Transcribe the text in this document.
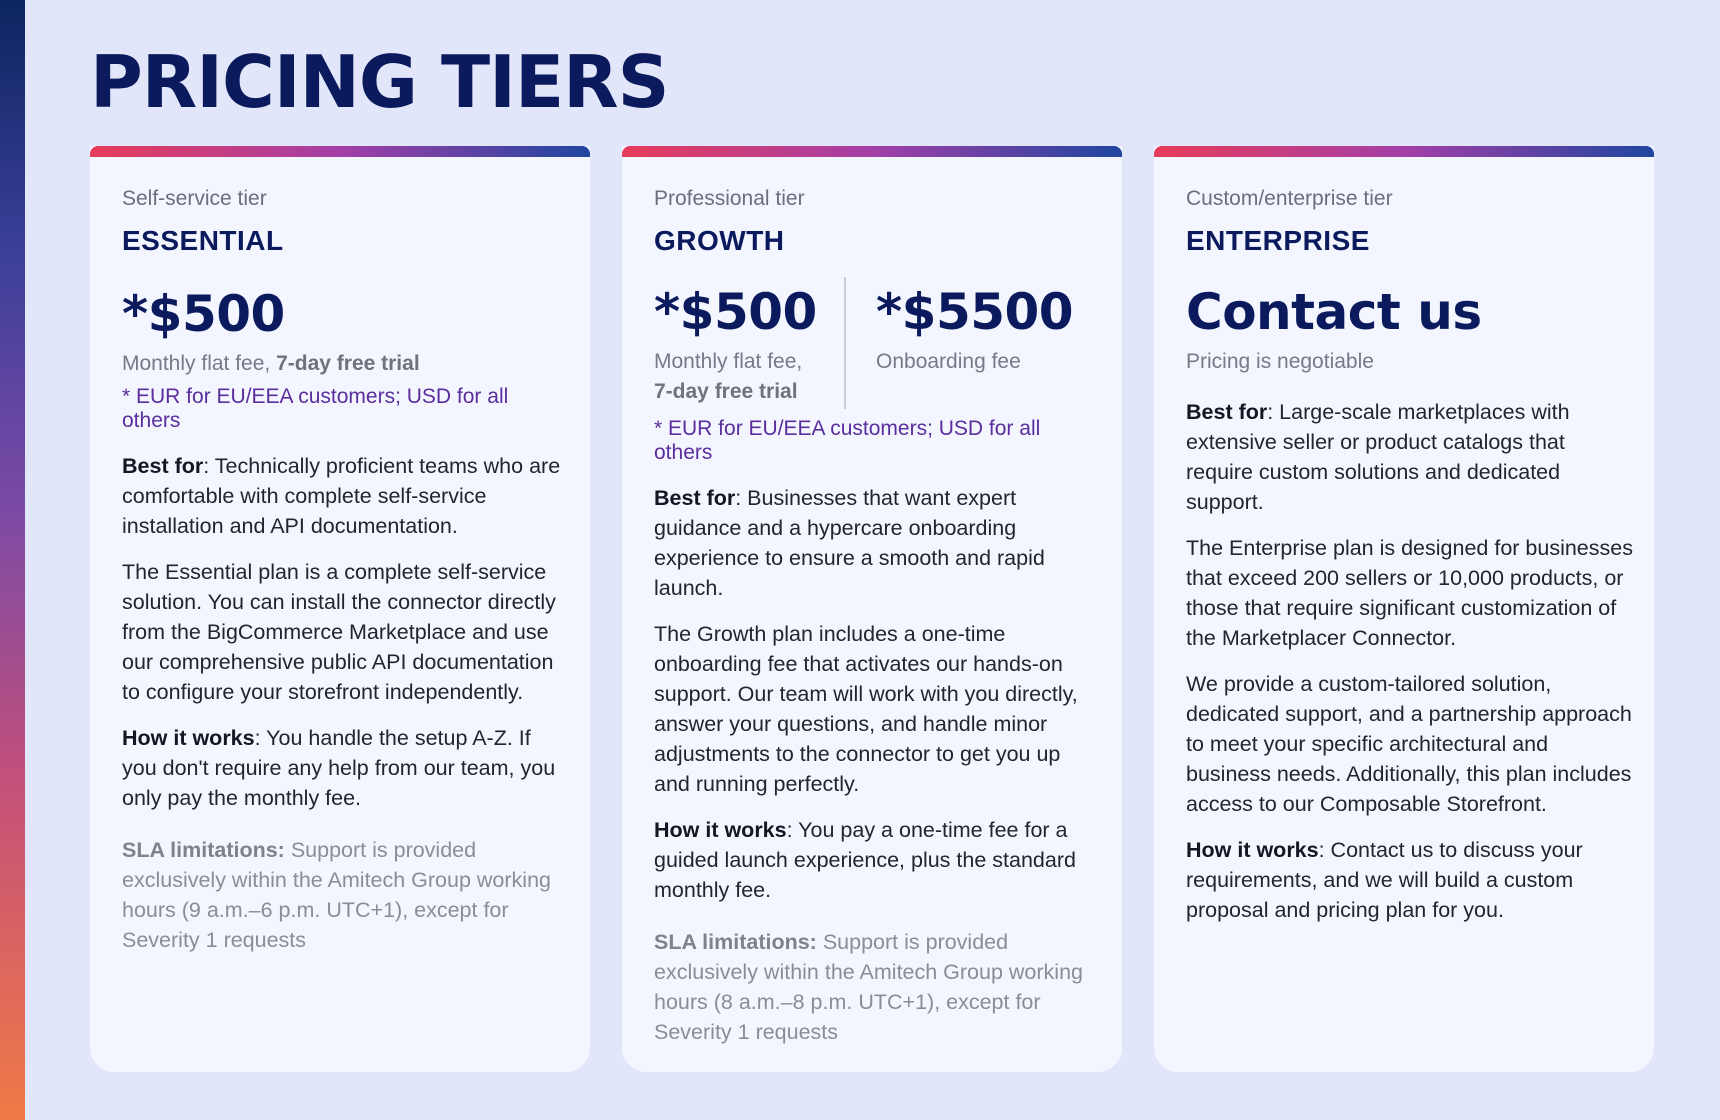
PRICING TIERS

Self-service tier

ESSENTIAL

*$500
Monthly flat fee, 7-day free trial
* EUR for EU/EEA customers; USD for all others

Best for: Technically proficient teams who are comfortable with complete self-service installation and API documentation.

The Essential plan is a complete self-service solution. You can install the connector directly from the BigCommerce Marketplace and use our comprehensive public API documentation to configure your storefront independently.

How it works: You handle the setup A-Z. If you don't require any help from our team, you only pay the monthly fee.

SLA limitations: Support is provided exclusively within the Amitech Group working hours (9 a.m.–6 p.m. UTC+1), except for Severity 1 requests

Professional tier

GROWTH

*$500
Monthly flat fee,
7-day free trial
*$5500
Onboarding fee
* EUR for EU/EEA customers; USD for all others

Best for: Businesses that want expert guidance and a hypercare onboarding experience to ensure a smooth and rapid launch.

The Growth plan includes a one-time onboarding fee that activates our hands-on support. Our team will work with you directly, answer your questions, and handle minor adjustments to the connector to get you up and running perfectly.

How it works: You pay a one-time fee for a guided launch experience, plus the standard monthly fee.

SLA limitations: Support is provided exclusively within the Amitech Group working hours (8 a.m.–8 p.m. UTC+1), except for Severity 1 requests

Custom/enterprise tier

ENTERPRISE

Contact us
Pricing is negotiable

Best for: Large-scale marketplaces with extensive seller or product catalogs that require custom solutions and dedicated support.

The Enterprise plan is designed for businesses that exceed 200 sellers or 10,000 products, or those that require significant customization of the Marketplacer Connector.

We provide a custom-tailored solution, dedicated support, and a partnership approach to meet your specific architectural and business needs. Additionally, this plan includes access to our Composable Storefront.

How it works: Contact us to discuss your requirements, and we will build a custom proposal and pricing plan for you.
